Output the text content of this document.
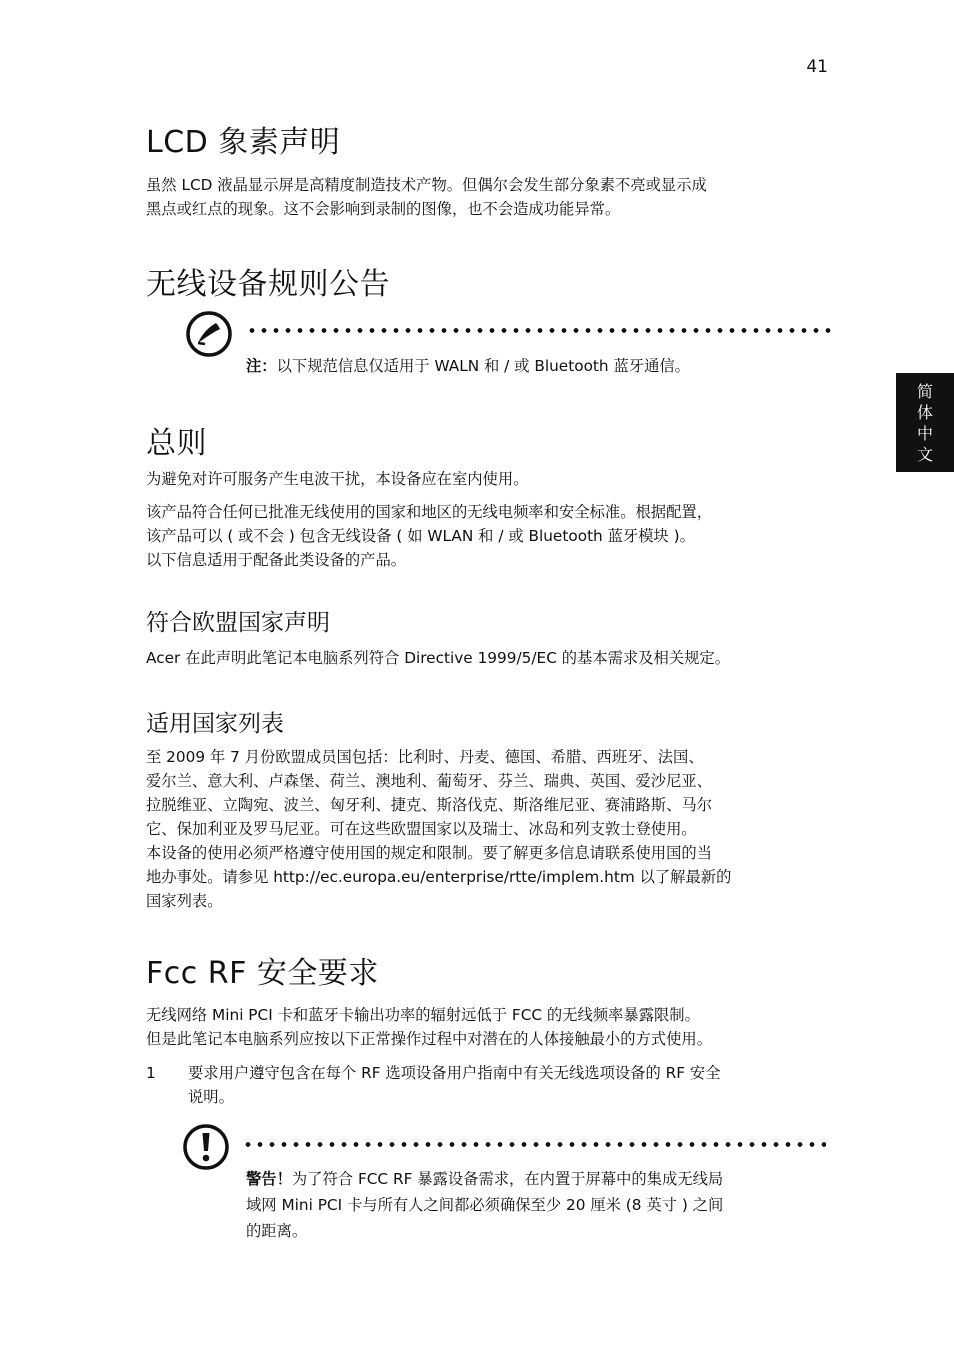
41
简
体
中
文
LCD 象素声明
虽然 LCD 液晶显示屏是高精度制造技术产物。但偶尔会发生部分象素不亮或显示成
黑点或红点的现象。这不会影响到录制的图像，也不会造成功能异常。
无线设备规则公告
注：以下规范信息仅适用于 WALN 和 / 或 Bluetooth 蓝牙通信。
总则
为避免对许可服务产生电波干扰，本设备应在室内使用。
该产品符合任何已批准无线使用的国家和地区的无线电频率和安全标准。根据配置，
该产品可以 ( 或不会 ) 包含无线设备 ( 如 WLAN 和 / 或 Bluetooth 蓝牙模块 )。
以下信息适用于配备此类设备的产品。
符合欧盟国家声明
Acer 在此声明此笔记本电脑系列符合 Directive 1999/5/EC 的基本需求及相关规定。
适用国家列表
至 2009 年 7 月份欧盟成员国包括：比利时、丹麦、德国、希腊、西班牙、法国、
爱尔兰、意大利、卢森堡、荷兰、澳地利、葡萄牙、芬兰、瑞典、英国、爱沙尼亚、
拉脱维亚、立陶宛、波兰、匈牙利、捷克、斯洛伐克、斯洛维尼亚、赛浦路斯、马尔
它、保加利亚及罗马尼亚。可在这些欧盟国家以及瑞士、冰岛和列支敦士登使用。
本设备的使用必须严格遵守使用国的规定和限制。要了解更多信息请联系使用国的当
地办事处。请参见 http://ec.europa.eu/enterprise/rtte/implem.htm 以了解最新的
国家列表。
Fcc RF 安全要求
无线网络 Mini PCI 卡和蓝牙卡输出功率的辐射远低于 FCC 的无线频率暴露限制。
但是此笔记本电脑系列应按以下正常操作过程中对潜在的人体接触最小的方式使用。
1 要求用户遵守包含在每个 RF 选项设备用户指南中有关无线选项设备的 RF 安全
说明。
警告！为了符合 FCC RF 暴露设备需求，在内置于屏幕中的集成无线局
域网 Mini PCI 卡与所有人之间都必须确保至少 20 厘米 (8 英寸 ) 之间
的距离。
